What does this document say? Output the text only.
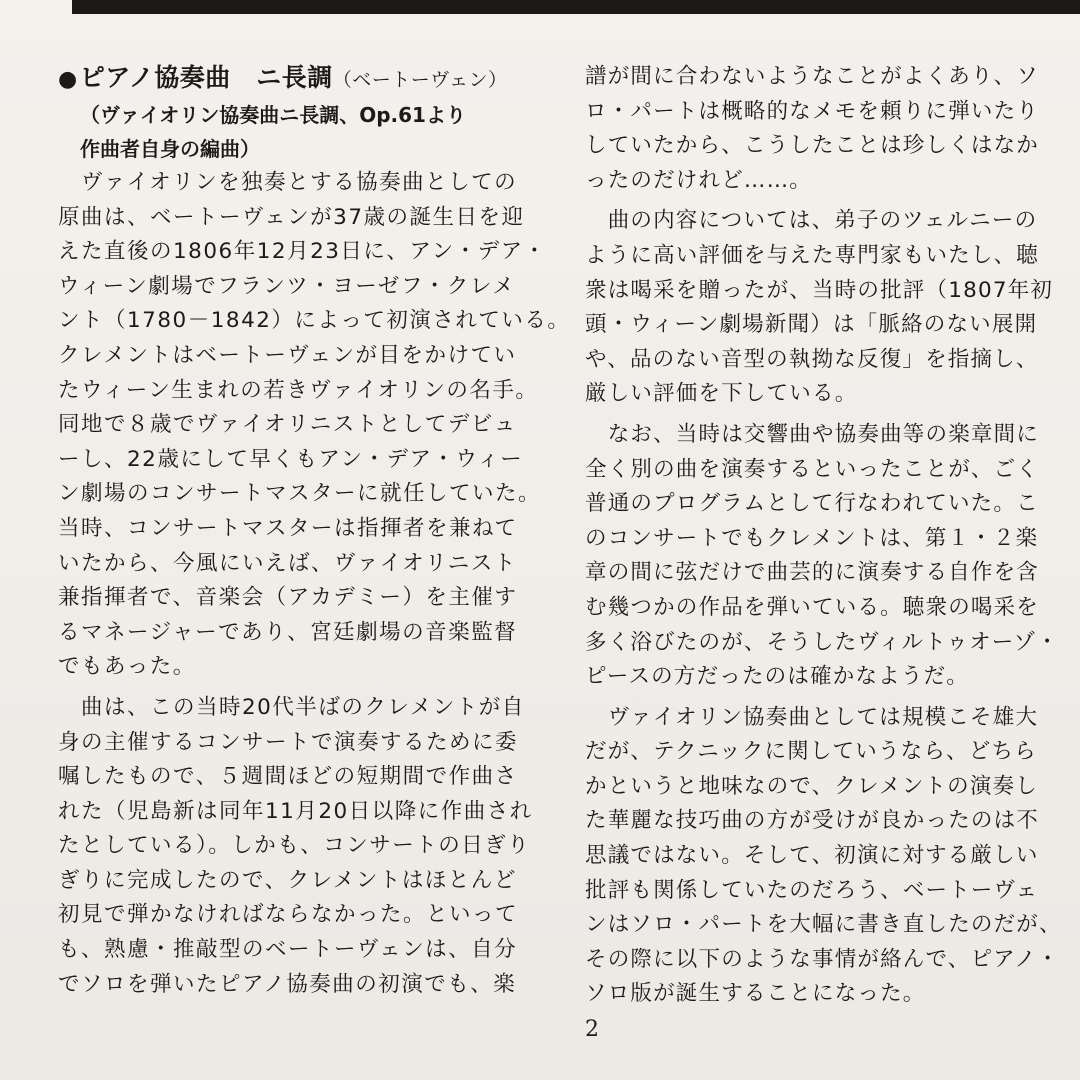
●ピアノ協奏曲　ニ長調（ベートーヴェン）

（ヴァイオリン協奏曲ニ長調、Op.61より

作曲者自身の編曲）

　ヴァイオリンを独奏とする協奏曲としての
原曲は、ベートーヴェンが37歳の誕生日を迎
えた直後の1806年12月23日に、アン・デア・
ウィーン劇場でフランツ・ヨーゼフ・クレメ
ント（1780－1842）によって初演されている。
クレメントはベートーヴェンが目をかけてい
たウィーン生まれの若きヴァイオリンの名手。
同地で８歳でヴァイオリニストとしてデビュ
ーし、22歳にして早くもアン・デア・ウィー
ン劇場のコンサートマスターに就任していた。
当時、コンサートマスターは指揮者を兼ねて
いたから、今風にいえば、ヴァイオリニスト
兼指揮者で、音楽会（アカデミー）を主催す
るマネージャーであり、宮廷劇場の音楽監督
でもあった。
　曲は、この当時20代半ばのクレメントが自
身の主催するコンサートで演奏するために委
嘱したもので、５週間ほどの短期間で作曲さ
れた（児島新は同年11月20日以降に作曲され
たとしている）。しかも、コンサートの日ぎり
ぎりに完成したので、クレメントはほとんど
初見で弾かなければならなかった。といって
も、熟慮・推敲型のベートーヴェンは、自分
でソロを弾いたピアノ協奏曲の初演でも、楽
譜が間に合わないようなことがよくあり、ソ
ロ・パートは概略的なメモを頼りに弾いたり
していたから、こうしたことは珍しくはなか
ったのだけれど……。
　曲の内容については、弟子のツェルニーの
ように高い評価を与えた専門家もいたし、聴
衆は喝采を贈ったが、当時の批評（1807年初
頭・ウィーン劇場新聞）は「脈絡のない展開
や、品のない音型の執拗な反復」を指摘し、
厳しい評価を下している。
　なお、当時は交響曲や協奏曲等の楽章間に
全く別の曲を演奏するといったことが、ごく
普通のプログラムとして行なわれていた。こ
のコンサートでもクレメントは、第１・２楽
章の間に弦だけで曲芸的に演奏する自作を含
む幾つかの作品を弾いている。聴衆の喝采を
多く浴びたのが、そうしたヴィルトゥオーゾ・
ピースの方だったのは確かなようだ。
　ヴァイオリン協奏曲としては規模こそ雄大
だが、テクニックに関していうなら、どちら
かというと地味なので、クレメントの演奏し
た華麗な技巧曲の方が受けが良かったのは不
思議ではない。そして、初演に対する厳しい
批評も関係していたのだろう、ベートーヴェ
ンはソロ・パートを大幅に書き直したのだが、
その際に以下のような事情が絡んで、ピアノ・
ソロ版が誕生することになった。
2
